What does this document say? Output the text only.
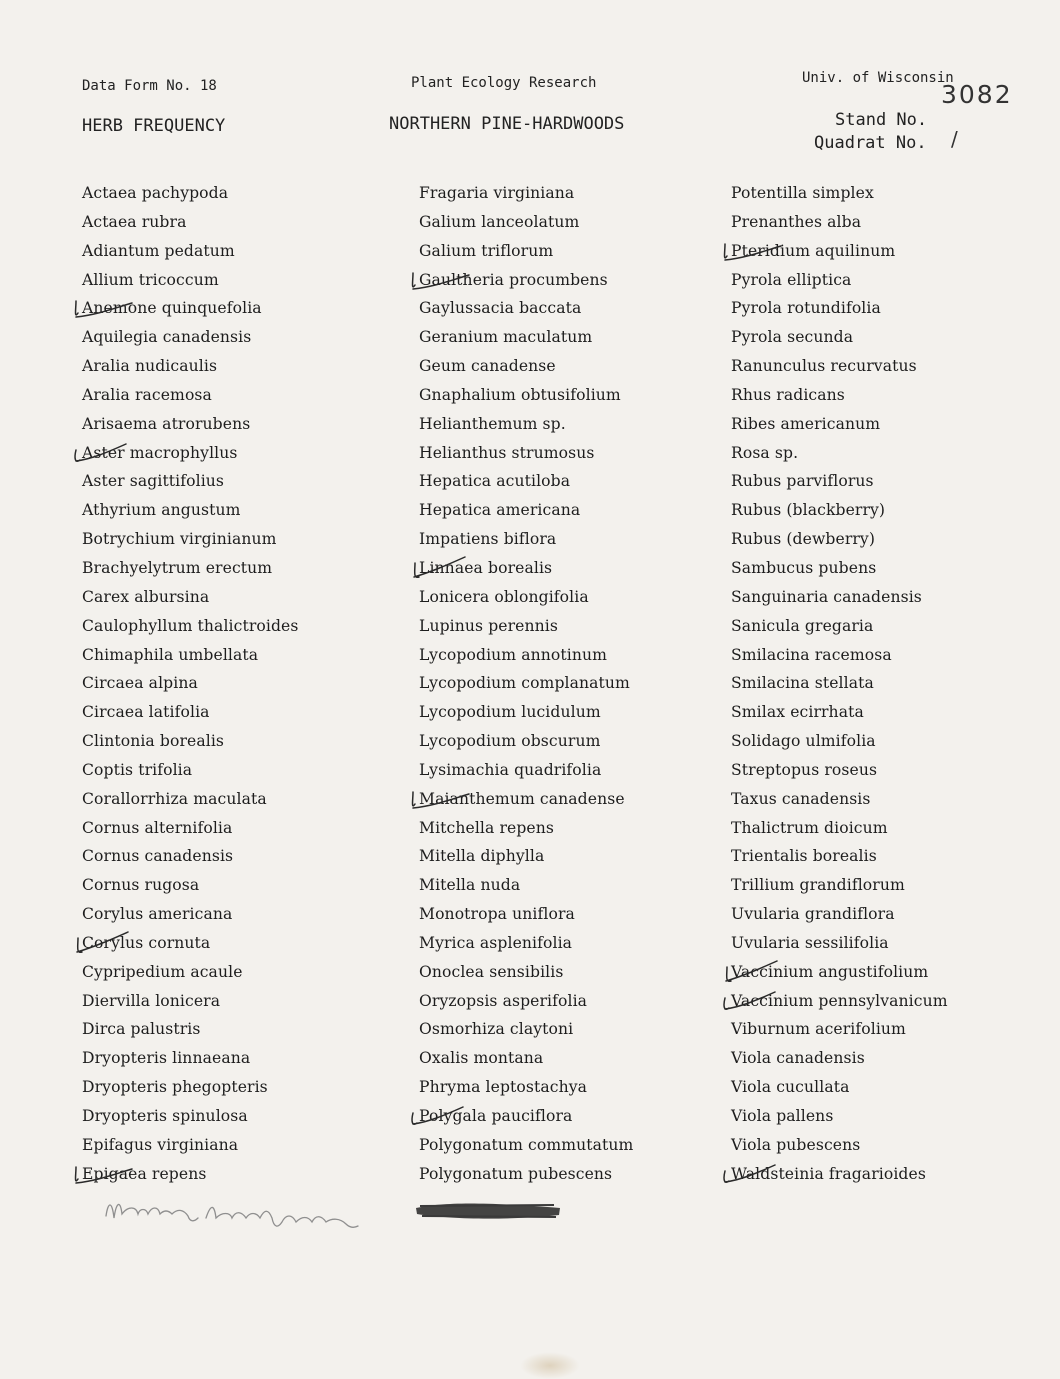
Data Form No. 18	Plant Ecology Research	Univ. of Wisconsin
HERB FREQUENCY	NORTHERN PINE-HARDWOODS	Stand No.
Quadrat No.
3082
/
Actaea pachypoda
Actaea rubra
Adiantum pedatum
Allium tricoccum
Anemone quinquefolia
Aquilegia canadensis
Aralia nudicaulis
Aralia racemosa
Arisaema atrorubens
Aster macrophyllus
Aster sagittifolius
Athyrium angustum
Botrychium virginianum
Brachyelytrum erectum
Carex albursina
Caulophyllum thalictroides
Chimaphila umbellata
Circaea alpina
Circaea latifolia
Clintonia borealis
Coptis trifolia
Corallorrhiza maculata
Cornus alternifolia
Cornus canadensis
Cornus rugosa
Corylus americana
Corylus cornuta
Cypripedium acaule
Diervilla lonicera
Dirca palustris
Dryopteris linnaeana
Dryopteris phegopteris
Dryopteris spinulosa
Epifagus virginiana
Epigaea repens
Fragaria virginiana
Galium lanceolatum
Galium triflorum
Gaultheria procumbens
Gaylussacia baccata
Geranium maculatum
Geum canadense
Gnaphalium obtusifolium
Helianthemum sp.
Helianthus strumosus
Hepatica acutiloba
Hepatica americana
Impatiens biflora
Linnaea borealis
Lonicera oblongifolia
Lupinus perennis
Lycopodium annotinum
Lycopodium complanatum
Lycopodium lucidulum
Lycopodium obscurum
Lysimachia quadrifolia
Maianthemum canadense
Mitchella repens
Mitella diphylla
Mitella nuda
Monotropa uniflora
Myrica asplenifolia
Onoclea sensibilis
Oryzopsis asperifolia
Osmorhiza claytoni
Oxalis montana
Phryma leptostachya
Polygala pauciflora
Polygonatum commutatum
Polygonatum pubescens
Potentilla simplex
Prenanthes alba
Pteridium aquilinum
Pyrola elliptica
Pyrola rotundifolia
Pyrola secunda
Ranunculus recurvatus
Rhus radicans
Ribes americanum
Rosa sp.
Rubus parviflorus
Rubus (blackberry)
Rubus (dewberry)
Sambucus pubens
Sanguinaria canadensis
Sanicula gregaria
Smilacina racemosa
Smilacina stellata
Smilax ecirrhata
Solidago ulmifolia
Streptopus roseus
Taxus canadensis
Thalictrum dioicum
Trientalis borealis
Trillium grandiflorum
Uvularia grandiflora
Uvularia sessilifolia
Vaccinium angustifolium
Vaccinium pennsylvanicum
Viburnum acerifolium
Viola canadensis
Viola cucullata
Viola pallens
Viola pubescens
Waldsteinia fragarioides
